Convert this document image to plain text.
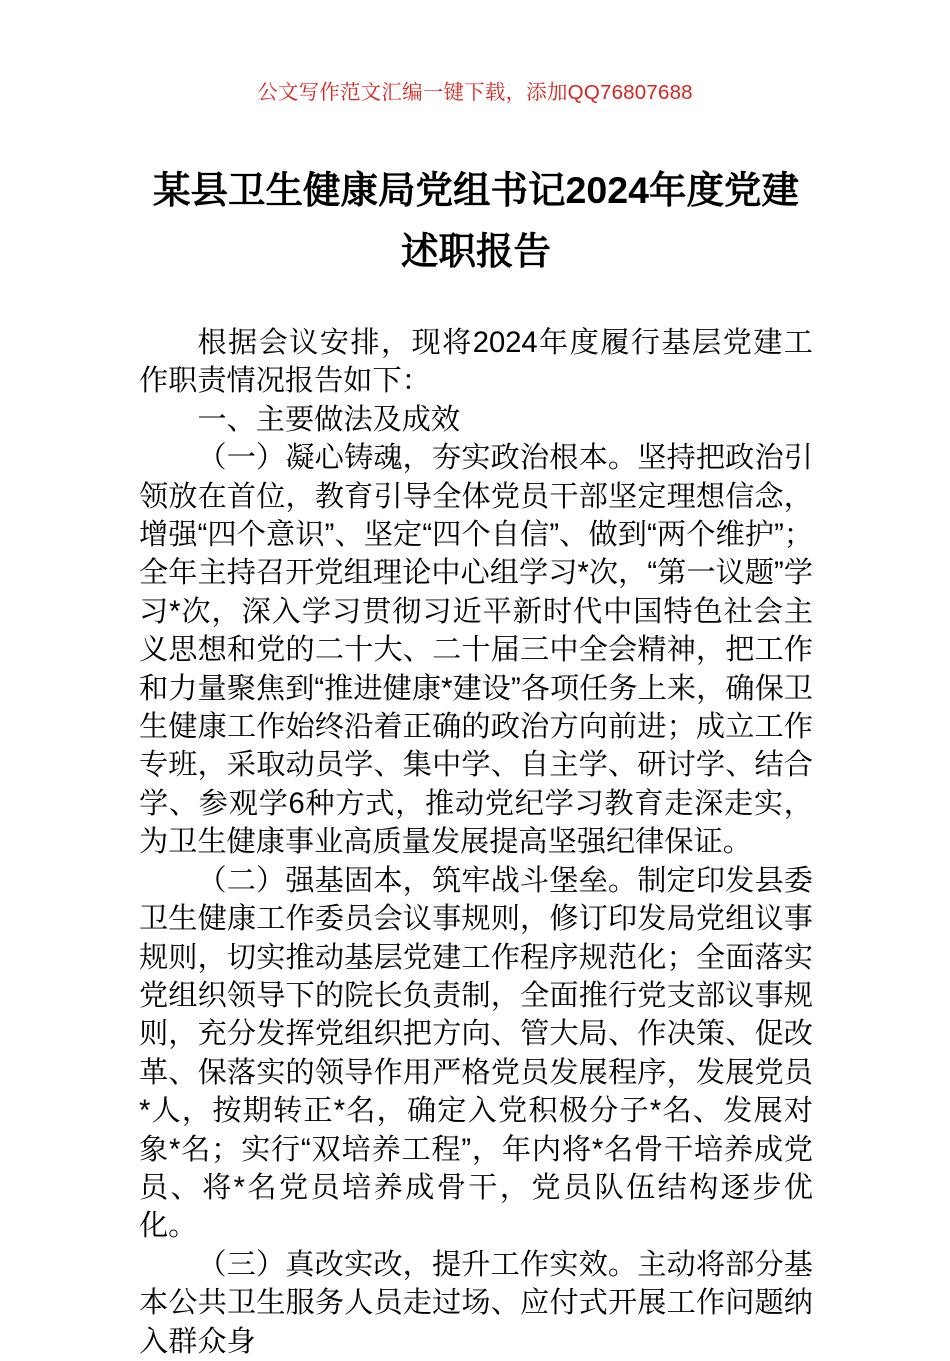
公文写作范文汇编一键下载，添加QQ76807688
某县卫生健康局党组书记2024年度党建述职报告

根据会议安排，现将2024年度履行基层党建工作职责情况报告如下：

一、主要做法及成效

（一）凝心铸魂，夯实政治根本。坚持把政治引领放在首位，教育引导全体党员干部坚定理想信念，增强“四个意识”、坚定“四个自信”、做到“两个维护”；全年主持召开党组理论中心组学习*次，“第一议题”学习*次，深入学习贯彻习近平新时代中国特色社会主义思想和党的二十大、二十届三中全会精神，把工作和力量聚焦到“推进健康*建设”各项任务上来，确保卫生健康工作始终沿着正确的政治方向前进；成立工作专班，采取动员学、集中学、自主学、研讨学、结合学、参观学6种方式，推动党纪学习教育走深走实，为卫生健康事业高质量发展提高坚强纪律保证。

（二）强基固本，筑牢战斗堡垒。制定印发县委卫生健康工作委员会议事规则，修订印发局党组议事规则，切实推动基层党建工作程序规范化；全面落实党组织领导下的院长负责制，全面推行党支部议事规则，充分发挥党组织把方向、管大局、作决策、促改革、保落实的领导作用严格党员发展程序，发展党员*人，按期转正*名，确定入党积极分子*名、发展对象*名；实行“双培养工程”，年内将*名骨干培养成党员、将*名党员培养成骨干，党员队伍结构逐步优化。

（三）真改实改，提升工作实效。主动将部分基本公共卫生服务人员走过场、应付式开展工作问题纳入群众身
